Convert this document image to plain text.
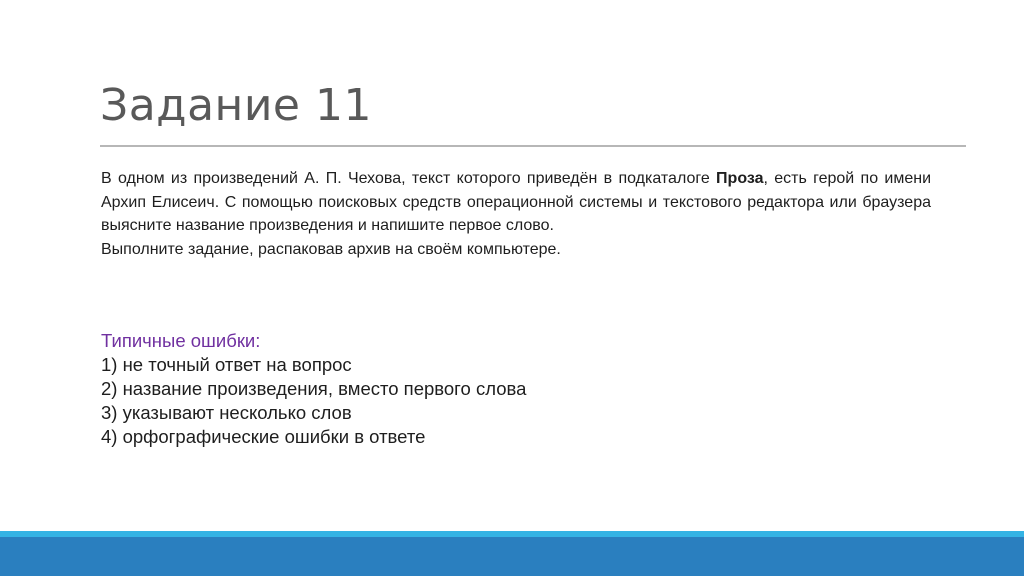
Задание 11

В одном из произведений А. П. Чехова, текст которого приведён в подкаталоге Проза, есть герой по имени Архип Елисеич. С помощью поисковых средств операционной системы и текстового редактора или браузера выясните название произведения и напишите первое слово.

Выполните задание, распаковав архив на своём компьютере.

Типичные ошибки:
1) не точный ответ на вопрос
2) название произведения, вместо первого слова
3) указывают несколько слов
4) орфографические ошибки в ответе
